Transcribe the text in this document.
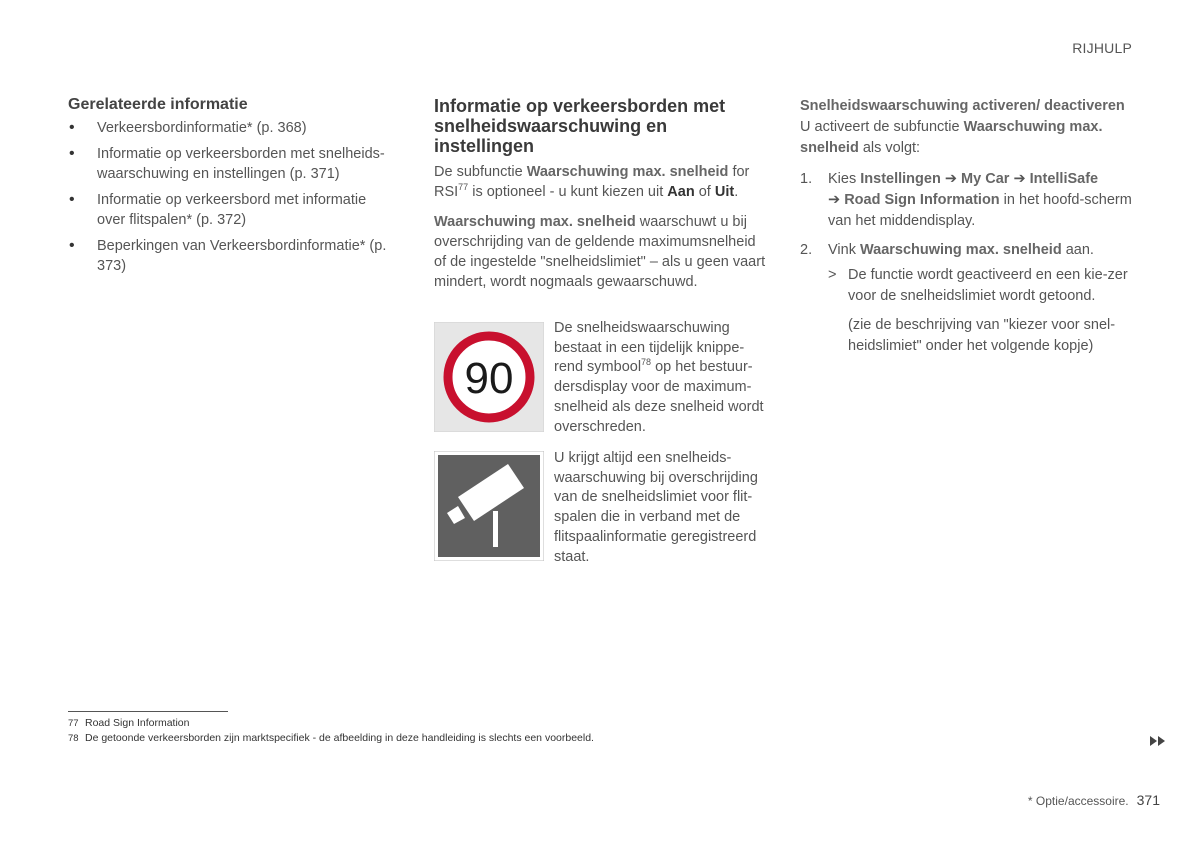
RIJHULP
Gerelateerde informatie
• Verkeersbordinformatie* (p. 368)
• Informatie op verkeersborden met snelheids-waarschuwing en instellingen (p. 371)
• Informatie op verkeersbord met informatie over flitspalen* (p. 372)
• Beperkingen van Verkeersbordinformatie* (p. 373)
Informatie op verkeersborden met snelheidswaarschuwing en instellingen

De subfunctie Waarschuwing max. snelheid for RSI$^{77}$ is optioneel - u kunt kiezen uit Aan of Uit.

Waarschuwing max. snelheid waarschuwt u bij overschrijding van de geldende maximumsnelheid of de ingestelde "snelheidslimiet" – als u geen vaart mindert, wordt nogmaals gewaarschuwd.

90
De snelheidswaarschuwing bestaat in een tijdelijk knippe-rend symbool$^{78}$ op het bestuur-dersdisplay voor de maximum-snelheid als deze snelheid wordt overschreden.
U krijgt altijd een snelheids-waarschuwing bij overschrijding van de snelheidslimiet voor flit-spalen die in verband met de flitspaalinformatie geregistreerd staat.
Snelheidswaarschuwing activeren/ deactiveren

U activeert de subfunctie Waarschuwing max. snelheid als volgt:

1. Kies Instellingen ➔ My Car ➔ IntelliSafe
➔ Road Sign Information in het hoofd-scherm van het middendisplay.
2. Vink Waarschuwing max. snelheid aan.
> De functie wordt geactiveerd en een kie-zer voor de snelheidslimiet wordt getoond.

(zie de beschrijving van "kiezer voor snel-heidslimiet" onder het volgende kopje)

77 Road Sign Information
78 De getoonde verkeersborden zijn marktspecifiek - de afbeelding in deze handleiding is slechts een voorbeeld.
* Optie/accessoire. 371
